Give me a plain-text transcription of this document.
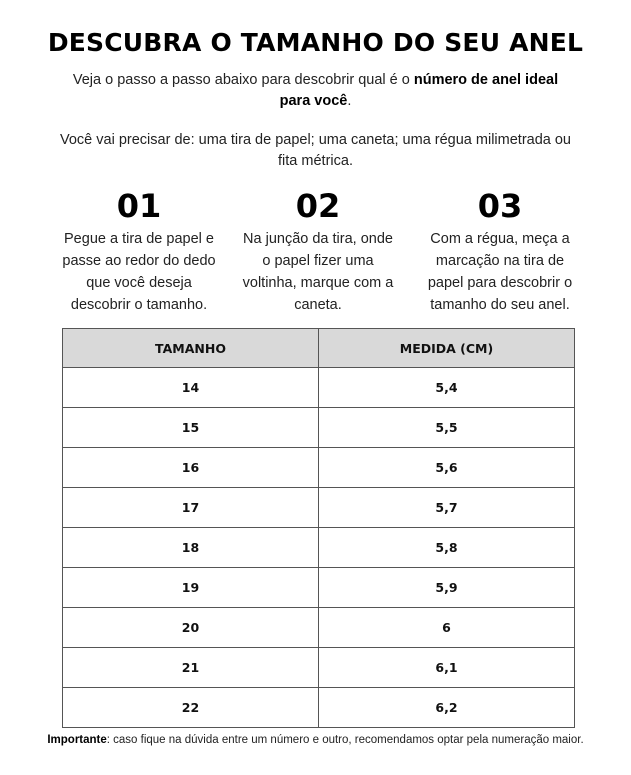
DESCUBRA O TAMANHO DO SEU ANEL
Veja o passo a passo abaixo para descobrir qual é o número de anel ideal para você.
Você vai precisar de: uma tira de papel; uma caneta; uma régua milimetrada ou fita métrica.
01
Pegue a tira de papel e passe ao redor do dedo que você deseja descobrir o tamanho.
02
Na junção da tira, onde o papel fizer uma voltinha, marque com a caneta.
03
Com a régua, meça a marcação na tira de papel para descobrir o tamanho do seu anel.
TAMANHO	MEDIDA (CM)
14	5,4
15	5,5
16	5,6
17	5,7
18	5,8
19	5,9
20	6
21	6,1
22	6,2
Importante: caso fique na dúvida entre um número e outro, recomendamos optar pela numeração maior.
